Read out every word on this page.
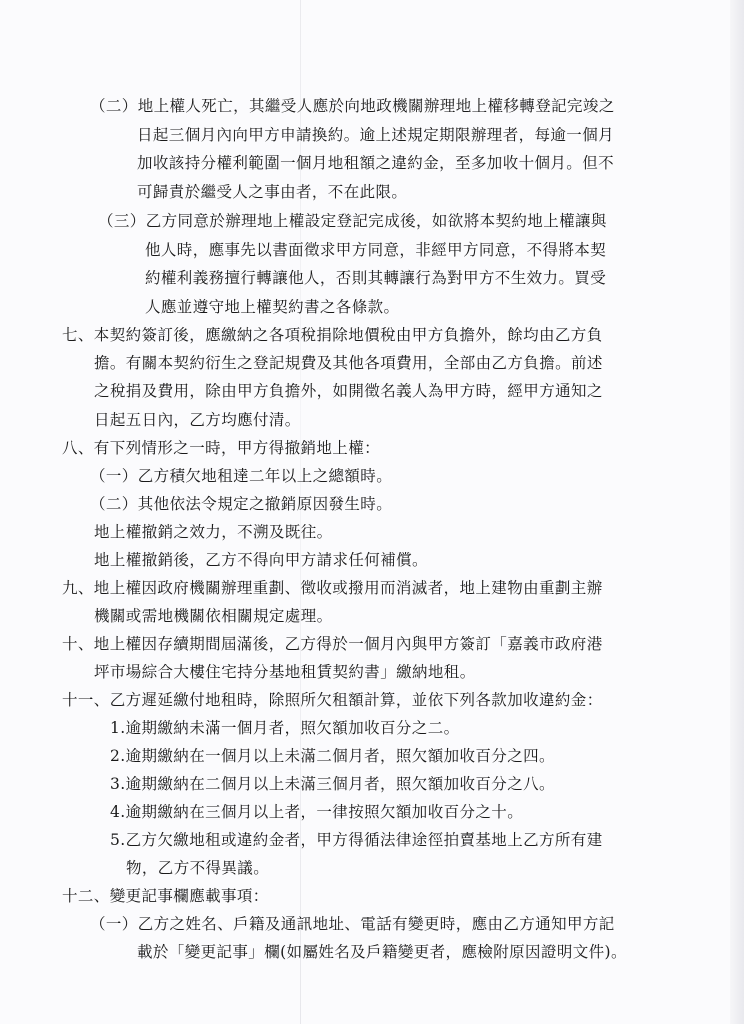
（二）地上權人死亡，其繼受人應於向地政機關辦理地上權移轉登記完竣之
日起三個月內向甲方申請換約。逾上述規定期限辦理者，每逾一個月
加收該持分權利範圍一個月地租額之違約金，至多加收十個月。但不
可歸責於繼受人之事由者，不在此限。
（三）乙方同意於辦理地上權設定登記完成後，如欲將本契約地上權讓與
他人時，應事先以書面徵求甲方同意，非經甲方同意，不得將本契
約權利義務擅行轉讓他人，否則其轉讓行為對甲方不生效力。買受
人應並遵守地上權契約書之各條款。
七、本契約簽訂後，應繳納之各項稅捐除地價稅由甲方負擔外，餘均由乙方負
擔。有關本契約衍生之登記規費及其他各項費用，全部由乙方負擔。前述
之稅捐及費用，除由甲方負擔外，如開徵名義人為甲方時，經甲方通知之
日起五日內，乙方均應付清。
八、有下列情形之一時，甲方得撤銷地上權：
（一）乙方積欠地租達二年以上之總額時。
（二）其他依法令規定之撤銷原因發生時。
地上權撤銷之效力，不溯及既往。
地上權撤銷後，乙方不得向甲方請求任何補償。
九、地上權因政府機關辦理重劃、徵收或撥用而消滅者，地上建物由重劃主辦
機關或需地機關依相關規定處理。
十、地上權因存續期間屆滿後，乙方得於一個月內與甲方簽訂「嘉義市政府港
坪市場綜合大樓住宅持分基地租賃契約書」繳納地租。
十一、乙方遲延繳付地租時，除照所欠租額計算，並依下列各款加收違約金：
1.逾期繳納未滿一個月者，照欠額加收百分之二。
2.逾期繳納在一個月以上未滿二個月者，照欠額加收百分之四。
3.逾期繳納在二個月以上未滿三個月者，照欠額加收百分之八。
4.逾期繳納在三個月以上者，一律按照欠額加收百分之十。
5.乙方欠繳地租或違約金者，甲方得循法律途徑拍賣基地上乙方所有建
物，乙方不得異議。
十二、變更記事欄應載事項：
（一）乙方之姓名、戶籍及通訊地址、電話有變更時，應由乙方通知甲方記
載於「變更記事」欄(如屬姓名及戶籍變更者，應檢附原因證明文件)。
